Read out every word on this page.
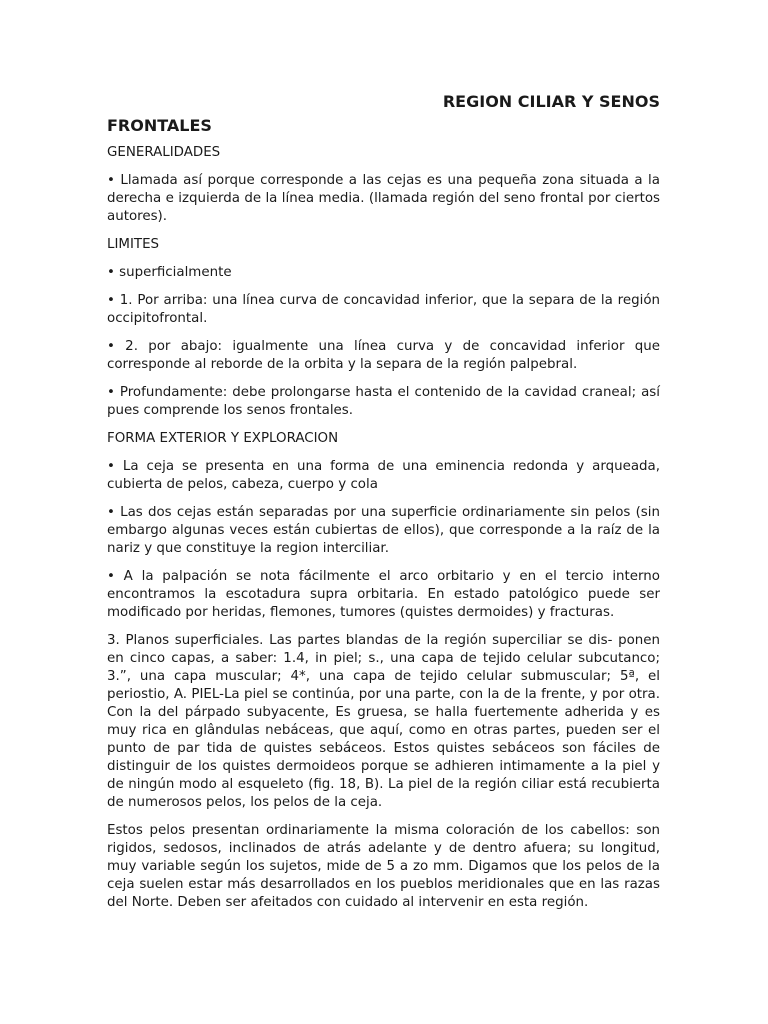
REGION CILIAR Y SENOS
FRONTALES
GENERALIDADES

• Llamada así porque corresponde a las cejas es una pequeña zona situada a la derecha e izquierda de la línea media. (llamada región del seno frontal por ciertos autores).

LIMITES

• superficialmente

• 1. Por arriba: una línea curva de concavidad inferior, que la separa de la región occipitofrontal.

• 2. por abajo: igualmente una línea curva y de concavidad inferior que corresponde al reborde de la orbita y la separa de la región palpebral.

• Profundamente: debe prolongarse hasta el contenido de la cavidad craneal; así pues comprende los senos frontales.

FORMA EXTERIOR Y EXPLORACION

• La ceja se presenta en una forma de una eminencia redonda y arqueada, cubierta de pelos, cabeza, cuerpo y cola

• Las dos cejas están separadas por una superficie ordinariamente sin pelos (sin embargo algunas veces están cubiertas de ellos), que corresponde a la raíz de la nariz y que constituye la region interciliar.

• A la palpación se nota fácilmente el arco orbitario y en el tercio interno encontramos la escotadura supra orbitaria. En estado patológico puede ser modificado por heridas, flemones, tumores (quistes dermoides) y fracturas.

3. Planos superficiales. Las partes blandas de la región superciliar se dis- ponen en cinco capas, a saber: 1.4, in piel; s., una capa de tejido celular subcutanco; 3.”, una capa muscular; 4*, una capa de tejido celular submuscular; 5ª, el periostio, A. PIEL-La piel se continúa, por una parte, con la de la frente, y por otra. Con la del párpado subyacente, Es gruesa, se halla fuertemente adherida y es muy rica en glândulas nebáceas, que aquí, como en otras partes, pueden ser el punto de par tida de quistes sebáceos. Estos quistes sebáceos son fáciles de distinguir de los quistes dermoideos porque se adhieren intimamente a la piel y de ningún modo al esqueleto (fig. 18, B). La piel de la región ciliar está recubierta de numerosos pelos, los pelos de la ceja.

Estos pelos presentan ordinariamente la misma coloración de los cabellos: son rigidos, sedosos, inclinados de atrás adelante y de dentro afuera; su longitud, muy variable según los sujetos, mide de 5 a zo mm. Digamos que los pelos de la ceja suelen estar más desarrollados en los pueblos meridionales que en las razas del Norte. Deben ser afeitados con cuidado al intervenir en esta región.
